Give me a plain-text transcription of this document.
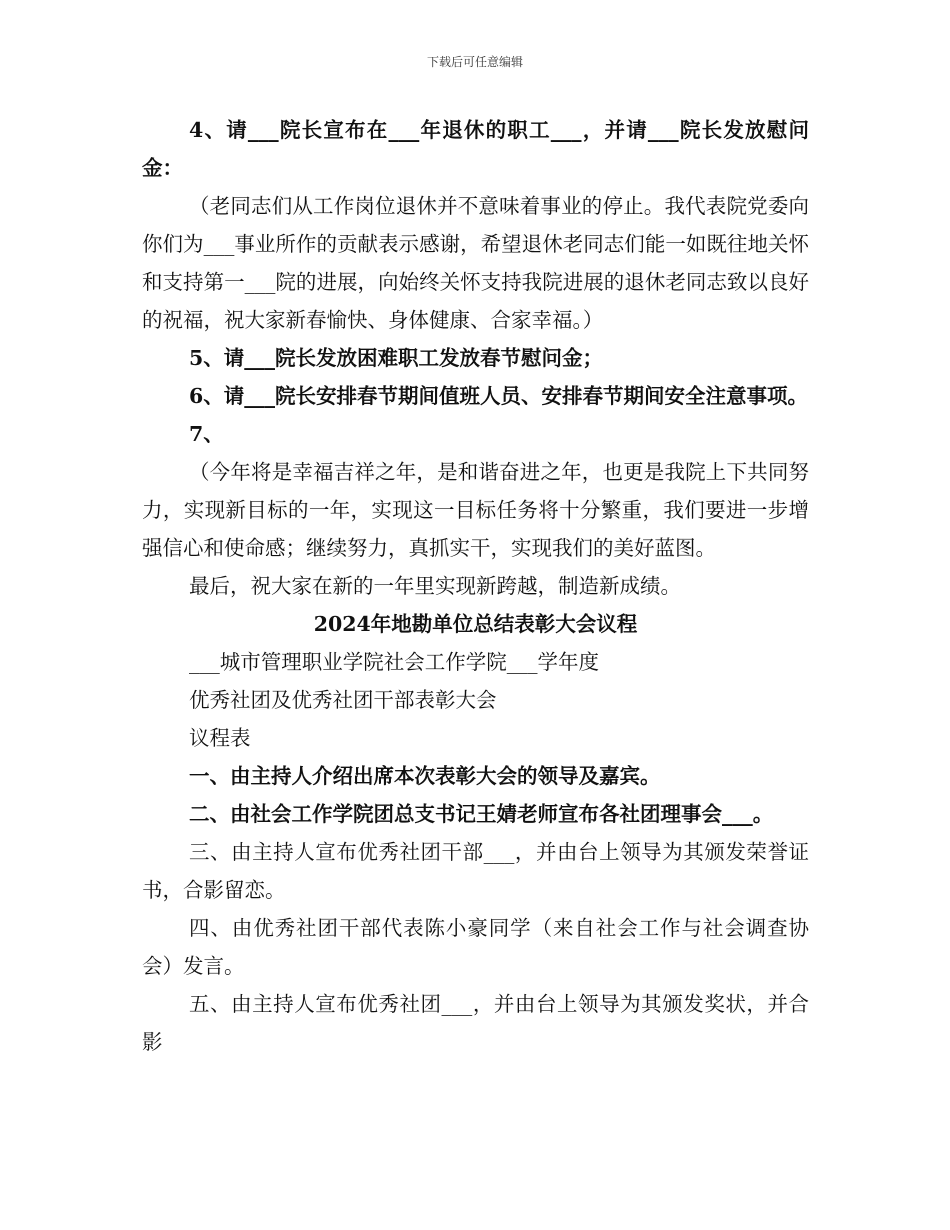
下载后可任意编辑

4、请___院长宣布在___年退休的职工___，并请___院长发放慰问金：

（老同志们从工作岗位退休并不意味着事业的停止。我代表院党委向你们为___事业所作的贡献表示感谢，希望退休老同志们能一如既往地关怀和支持第一___院的进展，向始终关怀支持我院进展的退休老同志致以良好的祝福，祝大家新春愉快、身体健康、合家幸福。）

5、请___院长发放困难职工发放春节慰问金；

6、请___院长安排春节期间值班人员、安排春节期间安全注意事项。

7、

（今年将是幸福吉祥之年，是和谐奋进之年，也更是我院上下共同努力，实现新目标的一年，实现这一目标任务将十分繁重，我们要进一步增强信心和使命感；继续努力，真抓实干，实现我们的美好蓝图。

最后，祝大家在新的一年里实现新跨越，制造新成绩。

2024年地勘单位总结表彰大会议程

___城市管理职业学院社会工作学院___学年度

优秀社团及优秀社团干部表彰大会

议程表

一、由主持人介绍出席本次表彰大会的领导及嘉宾。

二、由社会工作学院团总支书记王婧老师宣布各社团理事会___。

三、由主持人宣布优秀社团干部___，并由台上领导为其颁发荣誉证书，合影留恋。

四、由优秀社团干部代表陈小豪同学（来自社会工作与社会调查协会）发言。

五、由主持人宣布优秀社团___，并由台上领导为其颁发奖状，并合影
